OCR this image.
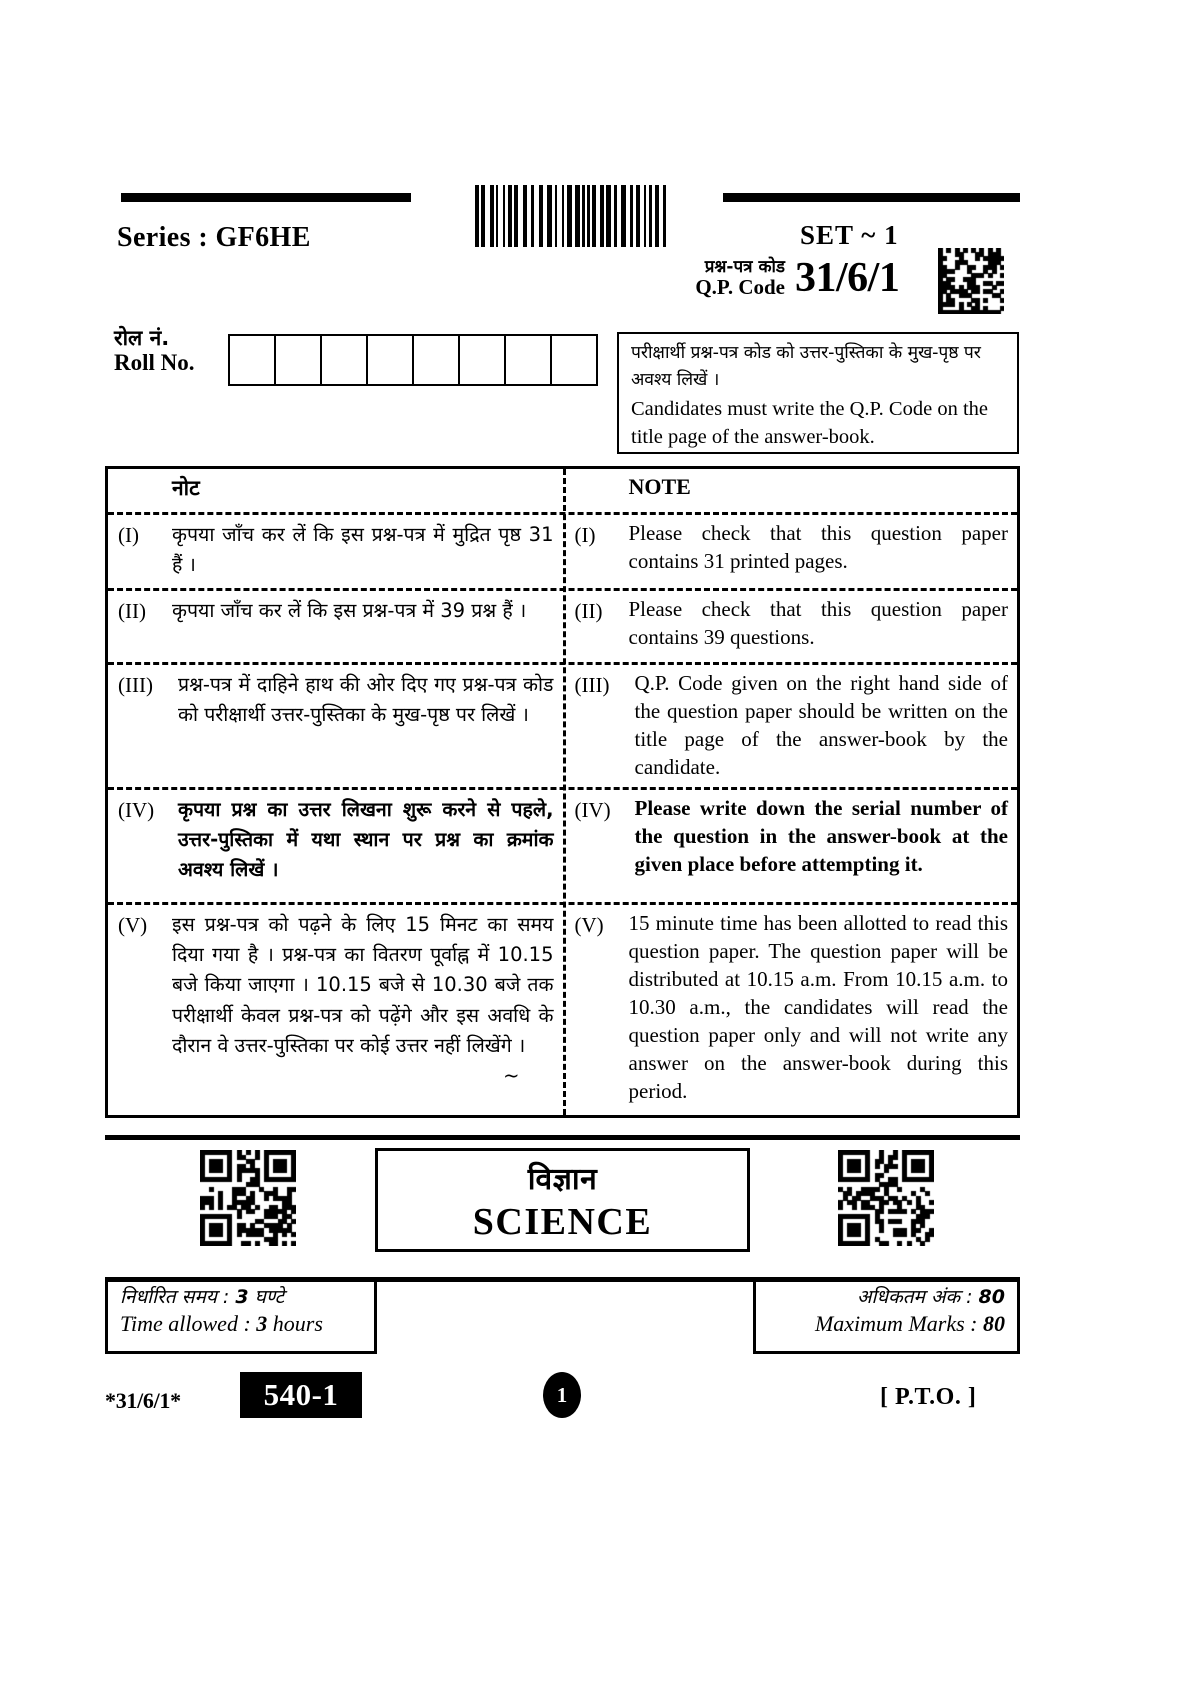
Series : GF6HE	SET ~ 1
प्रश्न-पत्र कोड
Q.P. Code 31/6/1
रोल नं.
Roll No.	परीक्षार्थी प्रश्न-पत्र कोड को उत्तर-पुस्तिका के मुख-पृष्ठ पर अवश्य लिखें ।
Candidates must write the Q.P. Code on the title page of the answer-book.
नोट	NOTE
(I)	कृपया जाँच कर लें कि इस प्रश्न-पत्र में मुद्रित पृष्ठ 31 हैं ।
(I)	Please check that this question paper contains 31 printed pages.
(II)	कृपया जाँच कर लें कि इस प्रश्न-पत्र में 39 प्रश्न हैं ।	(II)	Please check that this question paper contains 39 questions.
(III)	प्रश्न-पत्र में दाहिने हाथ की ओर दिए गए प्रश्न-पत्र कोड को परीक्षार्थी उत्तर-पुस्तिका के मुख-पृष्ठ पर लिखें ।
(III)	Q.P. Code given on the right hand side of the question paper should be written on the title page of the answer-book by the candidate.
(IV)	कृपया प्रश्न का उत्तर लिखना शुरू करने से पहले, उत्तर-पुस्तिका में यथा स्थान पर प्रश्न का क्रमांक अवश्य लिखें ।
(IV)	Please write down the serial number of the question in the answer-book at the given place before attempting it.
(V)	इस प्रश्न-पत्र को पढ़ने के लिए 15 मिनट का समय दिया गया है । प्रश्न-पत्र का वितरण पूर्वाह्न में 10.15 बजे किया जाएगा । 10.15 बजे से 10.30 बजे तक परीक्षार्थी केवल प्रश्न-पत्र को पढ़ेंगे और इस अवधि के दौरान वे उत्तर-पुस्तिका पर कोई उत्तर नहीं लिखेंगे ।
~
(V)	15 minute time has been allotted to read this question paper. The question paper will be distributed at 10.15 a.m. From 10.15 a.m. to 10.30 a.m., the candidates will read the question paper only and will not write any answer on the answer-book during this period.
विज्ञान
SCIENCE
निर्धारित समय : 3 घण्टे
Time allowed : 3 hours
अधिकतम अंक : 80
Maximum Marks : 80
*31/6/1*	540-1	1	[ P.T.O. ]
